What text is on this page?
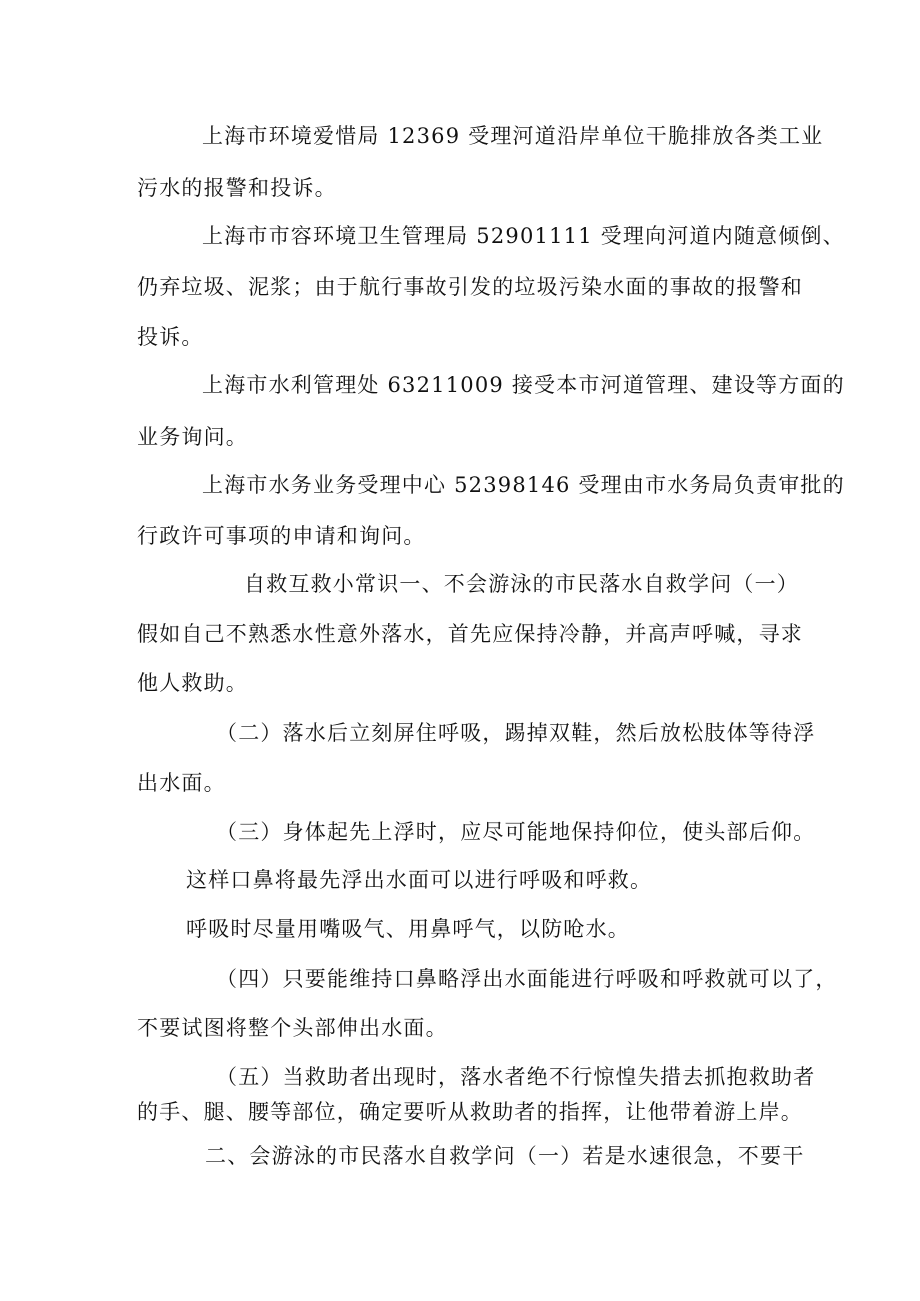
上海市环境爱惜局 12369 受理河道沿岸单位干脆排放各类工业
污水的报警和投诉。
上海市市容环境卫生管理局 52901111 受理向河道内随意倾倒、
仍弃垃圾、泥浆；由于航行事故引发的垃圾污染水面的事故的报警和
投诉。
上海市水利管理处 63211009 接受本市河道管理、建设等方面的
业务询问。
上海市水务业务受理中心 52398146 受理由市水务局负责审批的
行政许可事项的申请和询问。
自救互救小常识一、不会游泳的市民落水自救学问（一）
假如自己不熟悉水性意外落水，首先应保持冷静，并高声呼喊，寻求
他人救助。
（二）落水后立刻屏住呼吸，踢掉双鞋，然后放松肢体等待浮
出水面。
（三）身体起先上浮时，应尽可能地保持仰位，使头部后仰。
这样口鼻将最先浮出水面可以进行呼吸和呼救。
呼吸时尽量用嘴吸气、用鼻呼气，以防呛水。
（四）只要能维持口鼻略浮出水面能进行呼吸和呼救就可以了，
不要试图将整个头部伸出水面。
（五）当救助者出现时，落水者绝不行惊惶失措去抓抱救助者
的手、腿、腰等部位，确定要听从救助者的指挥，让他带着游上岸。
二、会游泳的市民落水自救学问（一）若是水速很急，不要干
